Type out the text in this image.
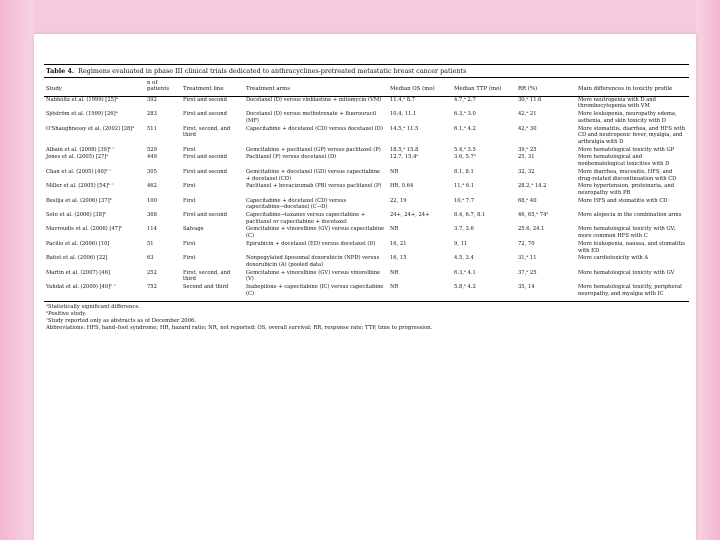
Table 4. Regimens evaluated in phase III clinical trials dedicated to anthracyclines-pretreated metastatic breast cancer patients
Study	n of patients	Treatment line	Treatment arms	Median OS (mo)	Median TTP (mo)	RR (%)	Main differences in toxicity profile
Nabholtz et al. (1999) [25]ᵃ	392	First and second	Docetaxel (D) versus vinblastine + mitomycin (VM)	11.4,ᵃ 8.7	4.7,ᵃ 2.7	30,ᵃ 11.6	More neutropenia with D and thrombocytopenia with VM
Sjöström et al. (1999) [26]ᵃ	283	First and second	Docetaxel (D) versus methotrexate + fluorouracil (MF)	10.4, 11.1	6.3,ᵃ 3.0	42,ᵃ 21	More leukopenia, neuropathy edema, asthenia, and skin toxicity with D
O'Shaughnessy et al. (2002) [28]ᵃ	511	First, second, and third	Capecitabine + docetaxel (CD) versus docetaxel (D)	14.5,ᵃ 11.5	6.1,ᵃ 4.2	42,ᵃ 30	More stomatitis, diarrhea, and HFS with CD and neutropenic fever, myalgia, and arthralgia with D
Albain et al. (2008) [39]ᵇ ᶜ	529	First	Gemcitabine + paclitaxel (GP) versus paclitaxel (P)	18.5,ᵃ 15.8	5.4,ᵃ 3.5	39,ᵃ 25	More hematological toxicity with GP
Jones et al. (2005) [27]ᵃ	449	First and second	Paclitaxel (P) versus docetaxel (D)	12.7, 15.4ᵃ	3.6, 5.7ᵃ	25, 31	More hematological and nonhematological toxicities with D
Chan et al. (2005) [40]ᵇ ᶜ	305	First and second	Gemcitabine + docetaxel (GD) versus capecitabine + docetaxel (CD)	NR	8.1, 8.1	32, 32	More diarrhea, mucositis, HFS, and drug-related discontinuation with CD
Miller et al. (2005) [54]ᵇ ᶜ	462	First	Paclitaxel + bevacizumab (PB) versus paclitaxel (P)	HR, 0.64	11,ᵃ 6.1	28.2,ᵃ 14.2	More hypertension, proteinuria, and neuropathy with PB
Beslija et al. (2006) [37]ᵇ	100	First	Capecitabine + docetaxel (CD) versus capecitabine→docetaxel (C→D)	22, 19	10,ᵃ 7.7	68,ᵃ 40	More HFS and stomatitis with CD
Soto et al. (2006) [38]ᵇ	368	First and second	Capecitabine→taxanes versus capecitabine + paclitaxel or capecitabine + docetaxel	24+, 24+, 24+	8.4, 6.7, 8.1	46, 65,ᵃ 74ᵃ	More alopecia in the combination arms
Mavroudis et al. (2006) [47]ᵇ	114	Salvage	Gemcitabine + vinorelbine (GV) versus capecitabine (C)	NR	3.7, 3.6	25.6, 24.1	More hematological toxicity with GV; more common HFS with C
Pacilio et al. (2006) [10]	51	First	Epirubicin + docetaxel (ED) versus docetaxel (D)	16, 21	9, 11	72, 70	More leukopenia, nausea, and stomatitis with ED
Batist et al. (2006) [22]	63	First	Nonpegylated liposomal doxorubicin (NPD) versus doxorubicin (A) (pooled data)	16, 15	4.5, 3.4	31,ᵃ 11	More cardiotoxicity with A
Martin et al. (2007) [46]	252	First, second, and third	Gemcitabine + vinorelbine (GV) versus vinorelbine (V)	NR	6.3,ᵃ 4.1	37,ᵃ 25	More hematological toxicity with GV
Vahdat et al. (2009) [49]ᵇ ᶜ	752	Second and third	Ixabepilone + capecitabine (IC) versus capecitabine (C)	NR	5.8,ᵃ 4.2	35, 14	More hematological toxicity, peripheral neuropathy, and myalgia with IC
ᵃStatistically significant difference.
ᵇPositive study.
ᶜStudy reported only as abstracts as of December 2006.
Abbreviations: HFS, hand–foot syndrome; HR, hazard ratio; NR, not reported; OS, overall survival; RR, response rate; TTP, time to progression.
